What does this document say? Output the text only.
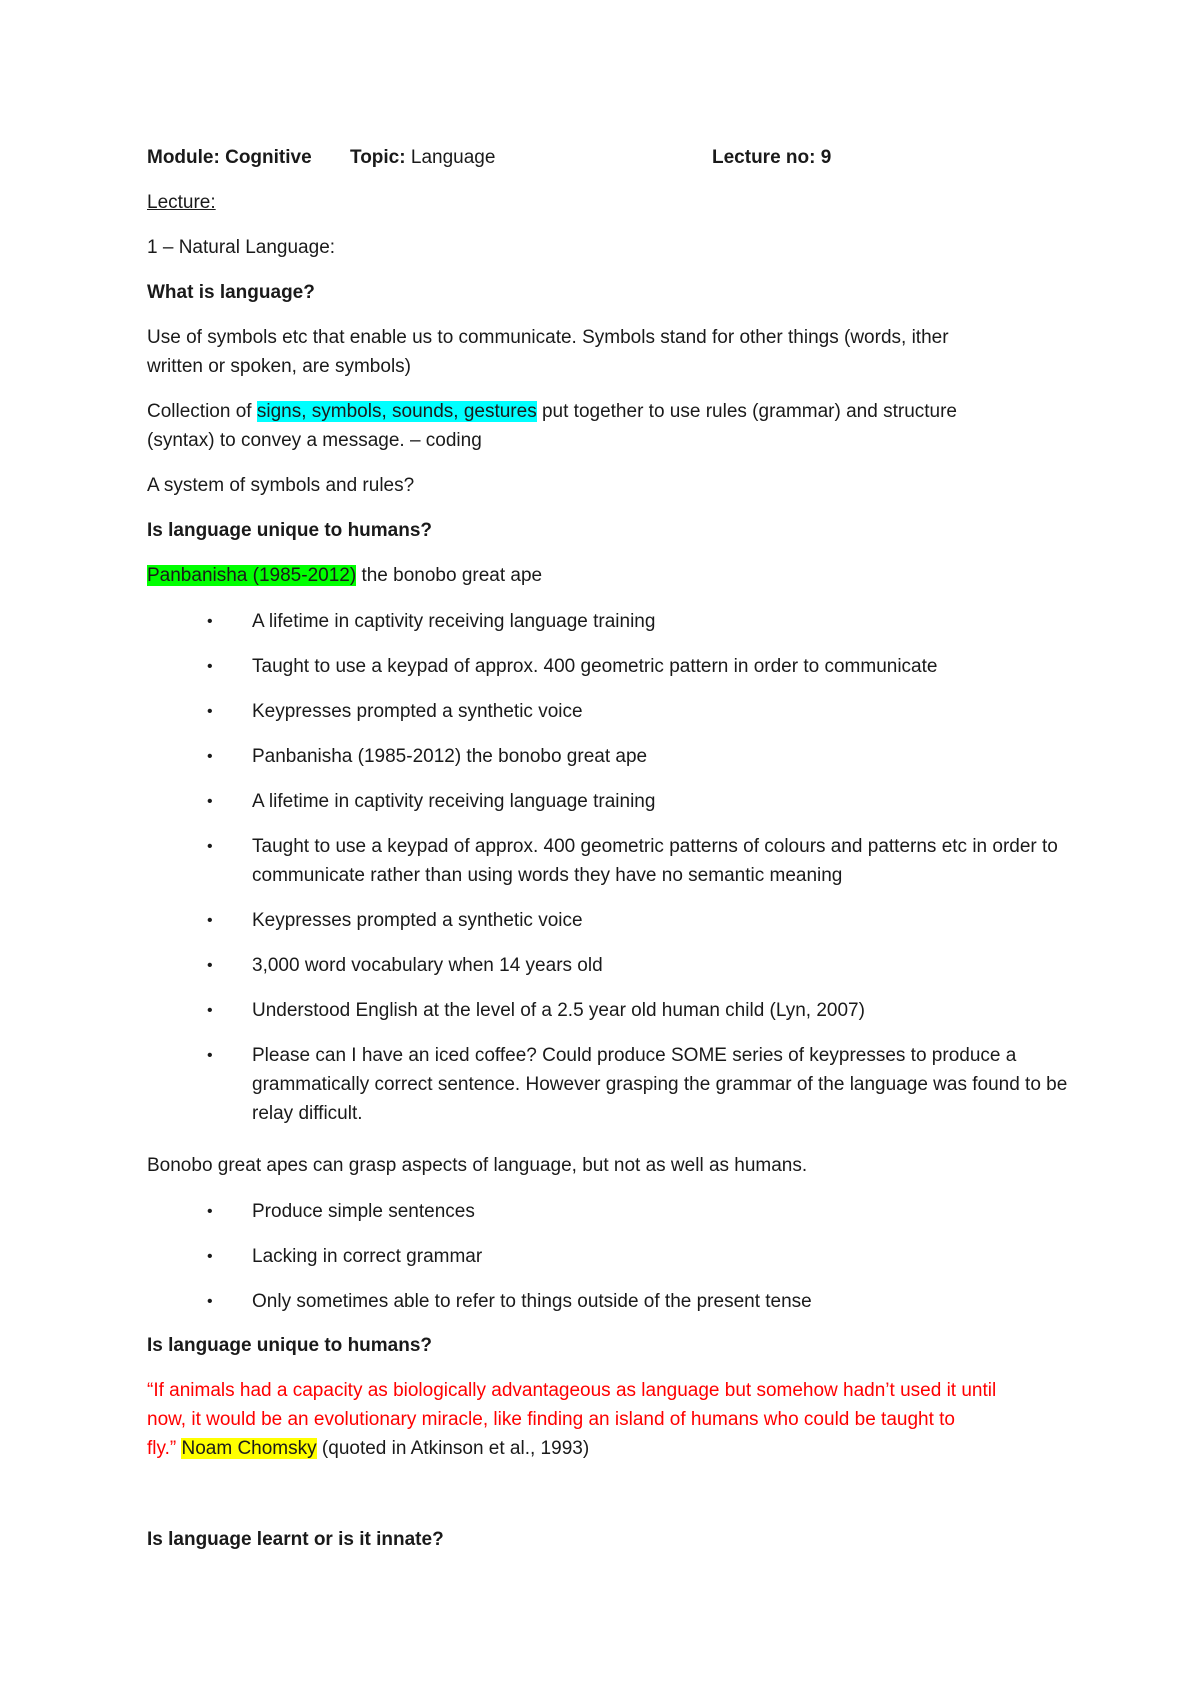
Module: Cognitive Topic: Language	Lecture no: 9
Lecture:
1 – Natural Language:
What is language?
Use of symbols etc that enable us to communicate. Symbols stand for other things (words, ither
written or spoken, are symbols)
Collection of signs, symbols, sounds, gestures put together to use rules (grammar) and structure
(syntax) to convey a message. – coding
A system of symbols and rules?
Is language unique to humans?
Panbanisha (1985-2012) the bonobo great ape
• A lifetime in captivity receiving language training
• Taught to use a keypad of approx. 400 geometric pattern in order to communicate
• Keypresses prompted a synthetic voice
• Panbanisha (1985-2012) the bonobo great ape
• A lifetime in captivity receiving language training
• Taught to use a keypad of approx. 400 geometric patterns of colours and patterns etc in order to communicate rather than using words they have no semantic meaning
• Keypresses prompted a synthetic voice
• 3,000 word vocabulary when 14 years old
• Understood English at the level of a 2.5 year old human child (Lyn, 2007)
• Please can I have an iced coffee? Could produce SOME series of keypresses to produce a grammatically correct sentence. However grasping the grammar of the language was found to be relay difficult.
Bonobo great apes can grasp aspects of language, but not as well as humans.
• Produce simple sentences
• Lacking in correct grammar
• Only sometimes able to refer to things outside of the present tense
Is language unique to humans?
“If animals had a capacity as biologically advantageous as language but somehow hadn’t used it until
now, it would be an evolutionary miracle, like finding an island of humans who could be taught to
fly.” Noam Chomsky (quoted in Atkinson et al., 1993)
Is language learnt or is it innate?
